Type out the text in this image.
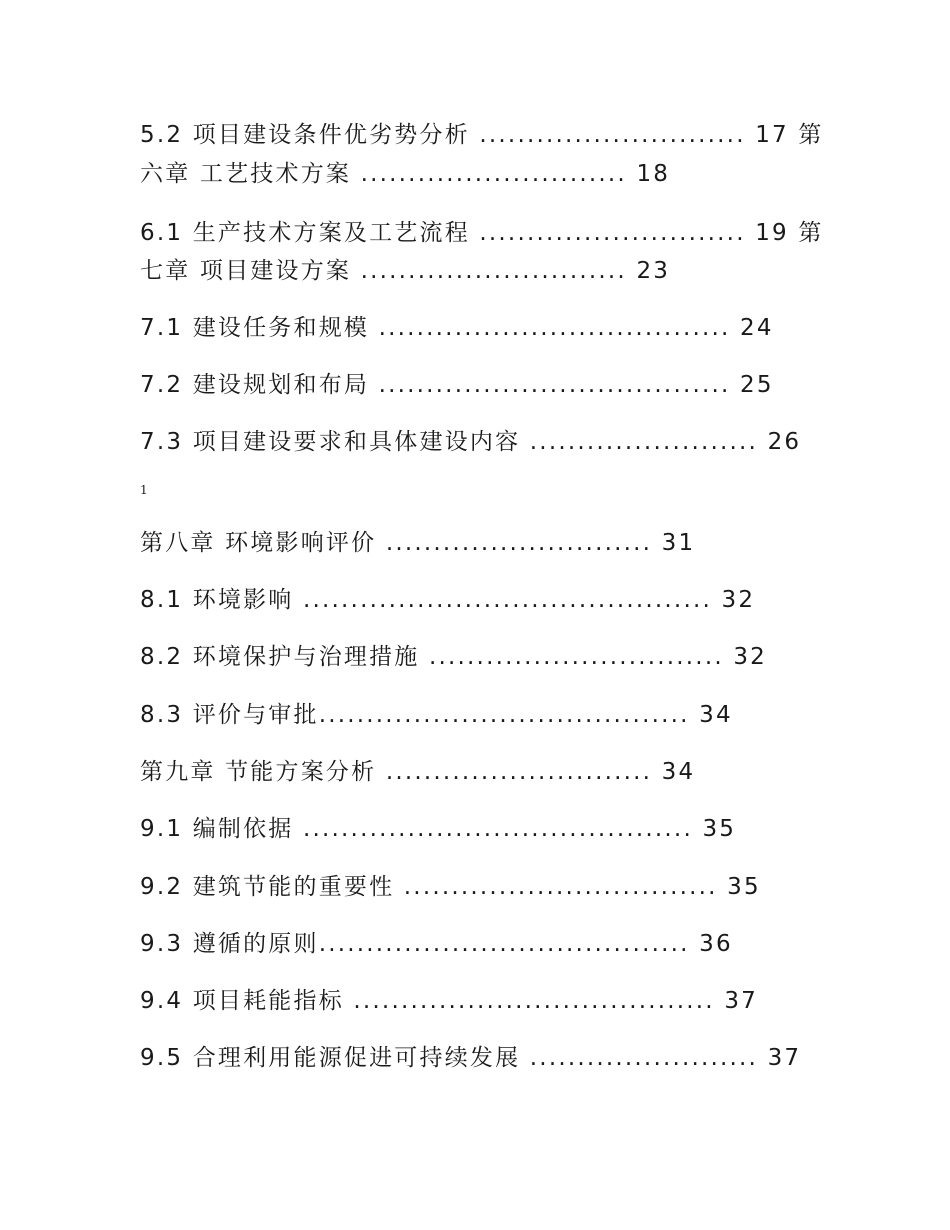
5.2 项目建设条件优劣势分析 ............................ 17 第
六章 工艺技术方案 ............................ 18
6.1 生产技术方案及工艺流程 ............................ 19 第
七章 项目建设方案 ............................ 23
7.1 建设任务和规模 ..................................... 24
7.2 建设规划和布局 ..................................... 25
7.3 项目建设要求和具体建设内容 ........................ 26
1
第八章 环境影响评价 ............................ 31
8.1 环境影响 ........................................... 32
8.2 环境保护与治理措施 ............................... 32
8.3 评价与审批....................................... 34
第九章 节能方案分析 ............................ 34
9.1 编制依据 ......................................... 35
9.2 建筑节能的重要性 ................................. 35
9.3 遵循的原则....................................... 36
9.4 项目耗能指标 ...................................... 37
9.5 合理利用能源促进可持续发展 ........................ 37
